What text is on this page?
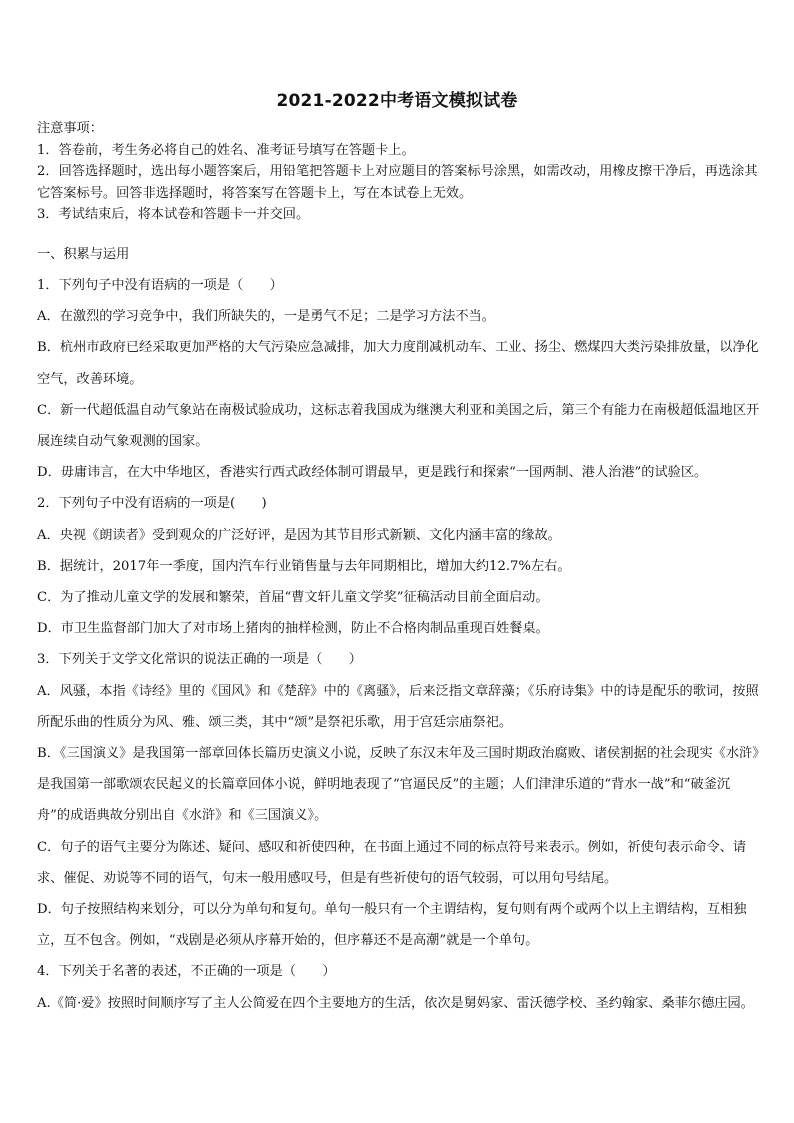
2021-2022中考语文模拟试卷

注意事项：

1．答卷前，考生务必将自己的姓名、准考证号填写在答题卡上。

2．回答选择题时，选出每小题答案后，用铅笔把答题卡上对应题目的答案标号涂黑，如需改动，用橡皮擦干净后，再选涂其它答案标号。回答非选择题时，将答案写在答题卡上，写在本试卷上无效。

3．考试结束后，将本试卷和答题卡一并交回。

一、积累与运用

1．下列句子中没有语病的一项是（　　）

A．在激烈的学习竞争中，我们所缺失的，一是勇气不足；二是学习方法不当。

B．杭州市政府已经采取更加严格的大气污染应急减排，加大力度削减机动车、工业、扬尘、燃煤四大类污染排放量，以净化空气，改善环境。

C．新一代超低温自动气象站在南极试验成功，这标志着我国成为继澳大利亚和美国之后，第三个有能力在南极超低温地区开展连续自动气象观测的国家。

D．毋庸讳言，在大中华地区，香港实行西式政经体制可谓最早，更是践行和探索“一国两制、港人治港”的试验区。

2．下列句子中没有语病的一项是(　　)

A．央视《朗读者》受到观众的广泛好评，是因为其节目形式新颖、文化内涵丰富的缘故。

B．据统计，2017年一季度，国内汽车行业销售量与去年同期相比，增加大约12.7%左右。

C．为了推动儿童文学的发展和繁荣，首届“曹文轩儿童文学奖”征稿活动目前全面启动。

D．市卫生监督部门加大了对市场上猪肉的抽样检测，防止不合格肉制品重现百姓餐桌。

3．下列关于文学文化常识的说法正确的一项是（　　）

A．风骚，本指《诗经》里的《国风》和《楚辞》中的《离骚》，后来泛指文章辞藻；《乐府诗集》中的诗是配乐的歌词，按照所配乐曲的性质分为风、雅、颂三类，其中“颂”是祭祀乐歌，用于宫廷宗庙祭祀。

B．《三国演义》是我国第一部章回体长篇历史演义小说，反映了东汉末年及三国时期政治腐败、诸侯割据的社会现实《水浒》是我国第一部歌颂农民起义的长篇章回体小说，鲜明地表现了“官逼民反”的主题；人们津津乐道的“背水一战”和“破釜沉舟”的成语典故分别出自《水浒》和《三国演义》。

C．句子的语气主要分为陈述、疑问、感叹和祈使四种，在书面上通过不同的标点符号来表示。例如，祈使句表示命令、请求、催促、劝说等不同的语气，句末一般用感叹号，但是有些祈使句的语气较弱，可以用句号结尾。

D．句子按照结构来划分，可以分为单句和复句。单句一般只有一个主谓结构，复句则有两个或两个以上主谓结构，互相独立，互不包含。例如，“戏剧是必须从序幕开始的，但序幕还不是高潮”就是一个单句。

4．下列关于名著的表述，不正确的一项是（　　）

A.《简·爱》按照时间顺序写了主人公简爱在四个主要地方的生活，依次是舅妈家、雷沃德学校、圣约翰家、桑菲尔德庄园。
